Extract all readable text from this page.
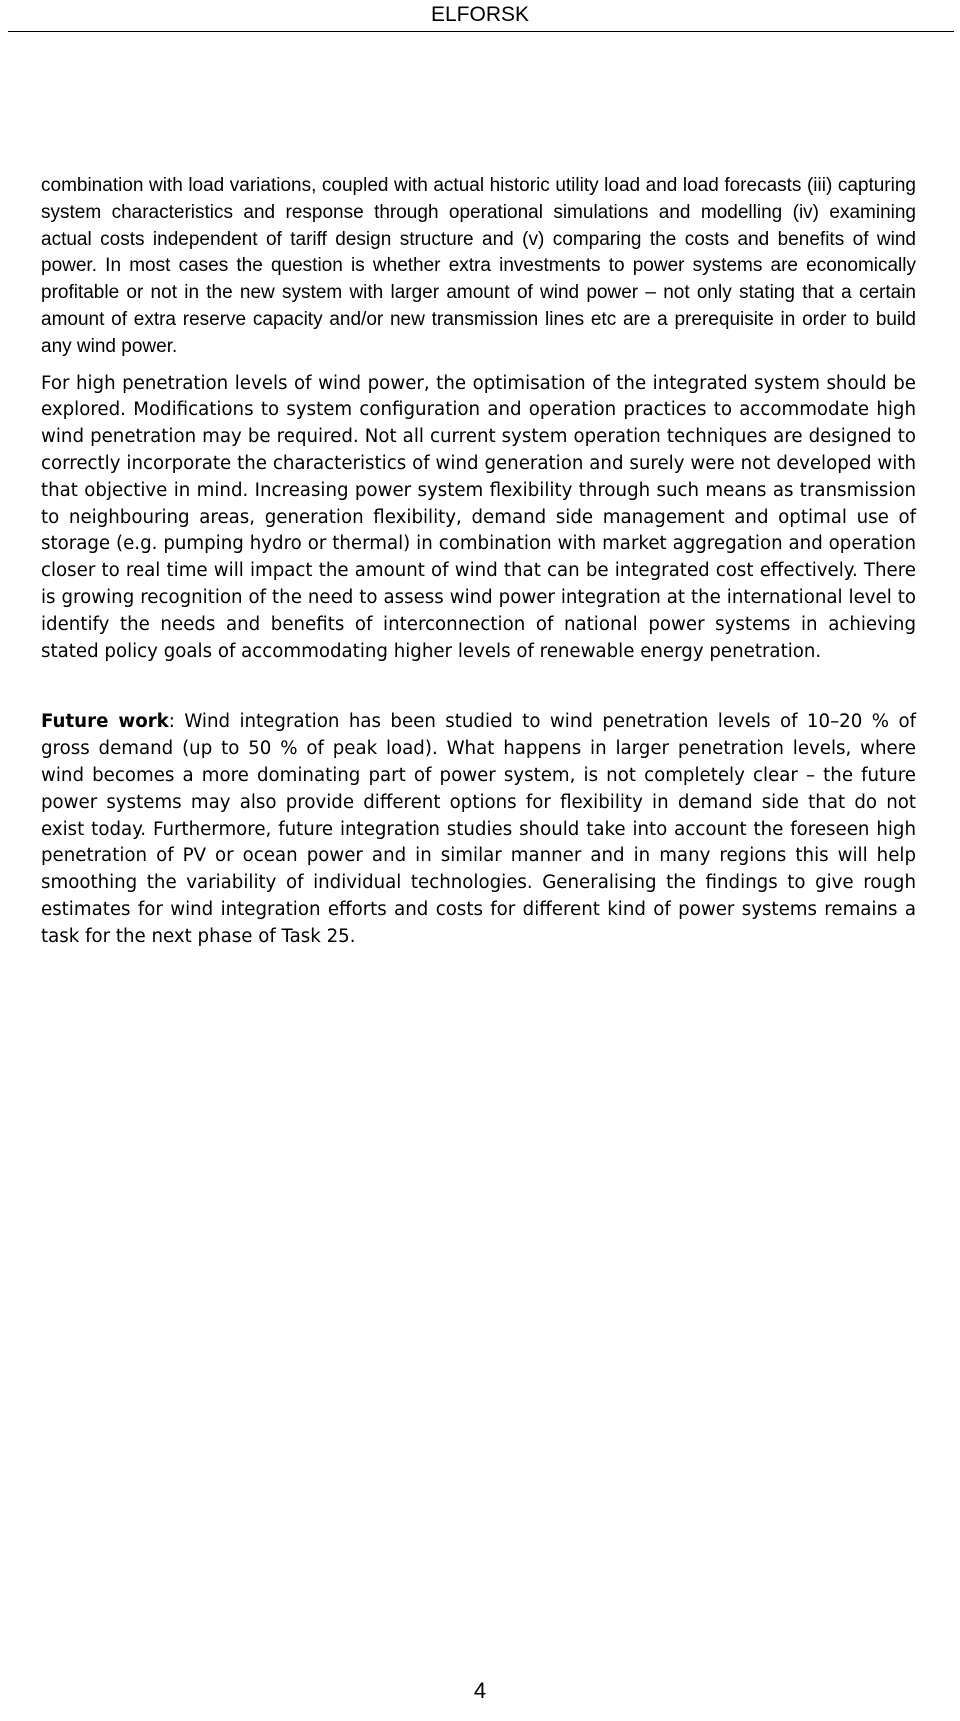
ELFORSK

combination with load variations, coupled with actual historic utility load and load forecasts (iii) capturing system characteristics and response through operational simulations and modelling (iv) examining actual costs independent of tariff design structure and (v) comparing the costs and benefits of wind power. In most cases the question is whether extra investments to power systems are economically profitable or not in the new system with larger amount of wind power – not only stating that a certain amount of extra reserve capacity and/or new transmission lines etc are a prerequisite in order to build any wind power.

For high penetration levels of wind power, the optimisation of the integrated system should be explored. Modifications to system configuration and operation practices to accommodate high wind penetration may be required. Not all current system operation techniques are designed to correctly incorporate the characteristics of wind generation and surely were not developed with that objective in mind. Increasing power system flexibility through such means as transmission to neighbouring areas, generation flexibility, demand side management and optimal use of storage (e.g. pumping hydro or thermal) in combination with market aggregation and operation closer to real time will impact the amount of wind that can be integrated cost effectively. There is growing recognition of the need to assess wind power integration at the international level to identify the needs and benefits of interconnection of national power systems in achieving stated policy goals of accommodating higher levels of renewable energy penetration.

Future work: Wind integration has been studied to wind penetration levels of 10–20 % of gross demand (up to 50 % of peak load). What happens in larger penetration levels, where wind becomes a more dominating part of power system, is not completely clear – the future power systems may also provide different options for flexibility in demand side that do not exist today. Furthermore, future integration studies should take into account the foreseen high penetration of PV or ocean power and in similar manner and in many regions this will help smoothing the variability of individual technologies. Generalising the findings to give rough estimates for wind integration efforts and costs for different kind of power systems remains a task for the next phase of Task 25.

4
